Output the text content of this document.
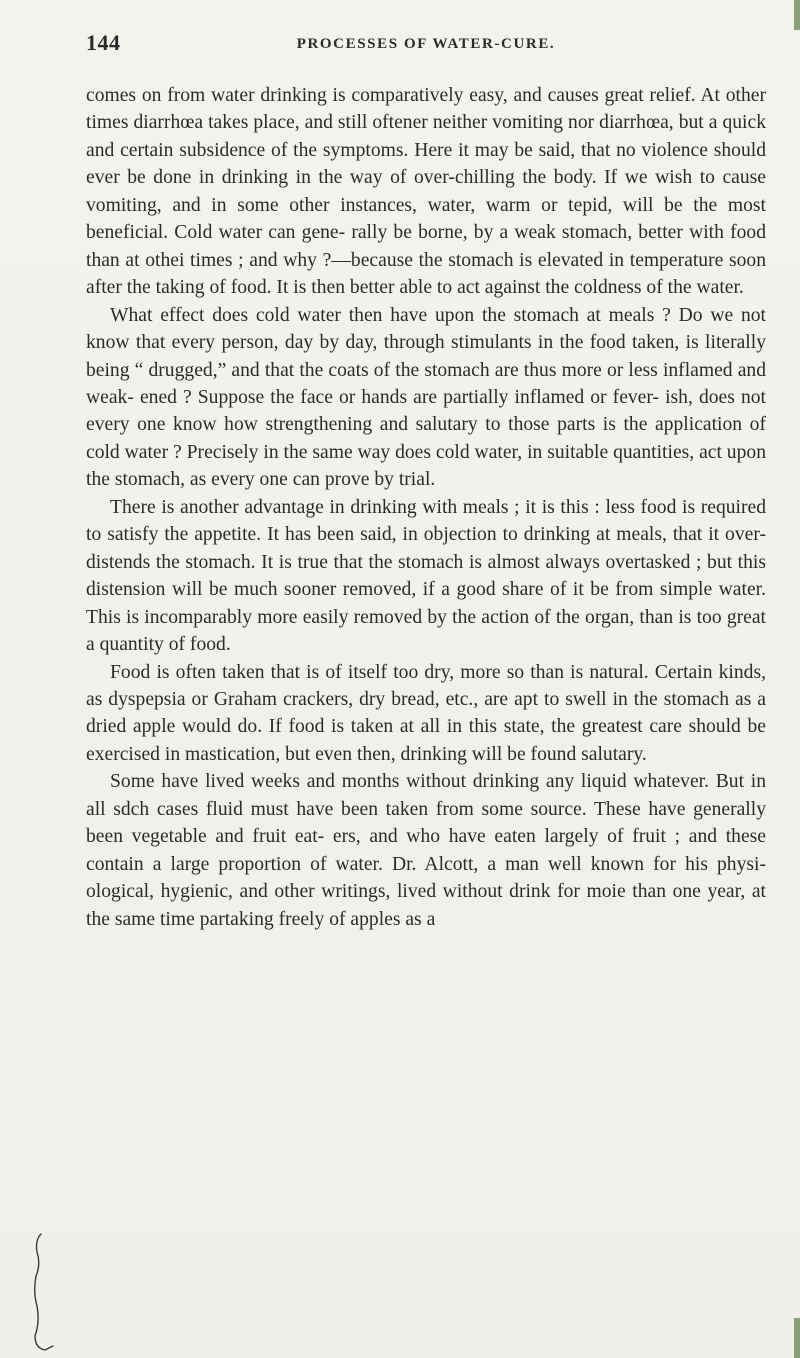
144	PROCESSES OF WATER-CURE.

comes on from water drinking is comparatively easy, and causes great relief. At other times diarrhœa takes place, and still oftener neither vomiting nor diarrhœa, but a quick and certain subsidence of the symptoms. Here it may be said, that no violence should ever be done in drinking in the way of over-chilling the body. If we wish to cause vomiting, and in some other instances, water, warm or tepid, will be the most beneficial. Cold water can gene- rally be borne, by a weak stomach, better with food than at othei times ; and why ?—because the stomach is elevated in temperature soon after the taking of food. It is then better able to act against the coldness of the water.

What effect does cold water then have upon the stomach at meals ? Do we not know that every person, day by day, through stimulants in the food taken, is literally being “ drugged,” and that the coats of the stomach are thus more or less inflamed and weak- ened ? Suppose the face or hands are partially inflamed or fever- ish, does not every one know how strengthening and salutary to those parts is the application of cold water ? Precisely in the same way does cold water, in suitable quantities, act upon the stomach, as every one can prove by trial.

There is another advantage in drinking with meals ; it is this : less food is required to satisfy the appetite. It has been said, in objection to drinking at meals, that it over-distends the stomach. It is true that the stomach is almost always overtasked ; but this distension will be much sooner removed, if a good share of it be from simple water. This is incomparably more easily removed by the action of the organ, than is too great a quantity of food.

Food is often taken that is of itself too dry, more so than is natural. Certain kinds, as dyspepsia or Graham crackers, dry bread, etc., are apt to swell in the stomach as a dried apple would do. If food is taken at all in this state, the greatest care should be exercised in mastication, but even then, drinking will be found salutary.

Some have lived weeks and months without drinking any liquid whatever. But in all sdch cases fluid must have been taken from some source. These have generally been vegetable and fruit eat- ers, and who have eaten largely of fruit ; and these contain a large proportion of water. Dr. Alcott, a man well known for his physi- ological, hygienic, and other writings, lived without drink for moie than one year, at the same time partaking freely of apples as a
